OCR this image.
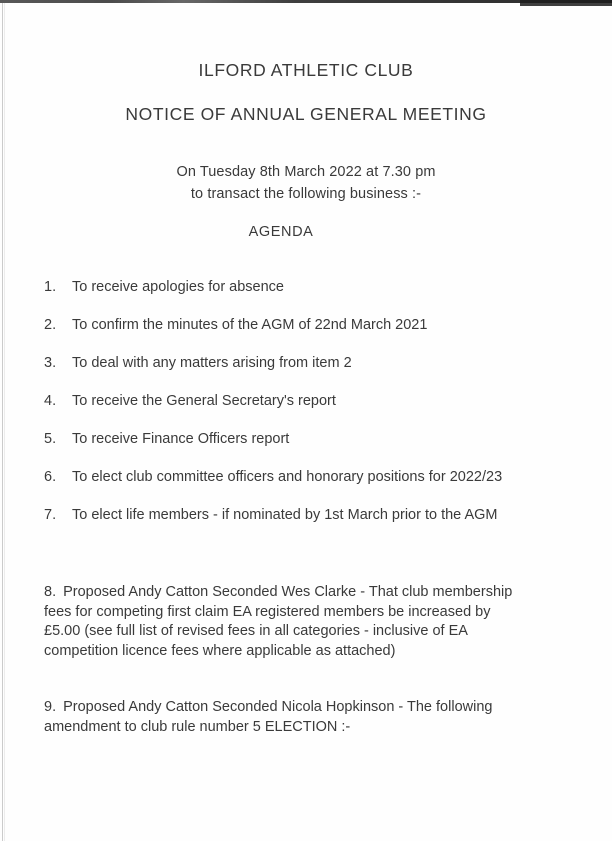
ILFORD ATHLETIC CLUB
NOTICE OF ANNUAL GENERAL MEETING
On Tuesday 8th March 2022 at 7.30 pm
to transact the following business :-
AGENDA
1. To receive apologies for absence
2. To confirm the minutes of the AGM of 22nd March 2021
3. To deal with any matters arising from item 2
4. To receive the General Secretary's report
5. To receive Finance Officers report
6. To elect club committee officers and honorary positions for 2022/23
7. To elect life members - if nominated by 1st March prior to the AGM
8. Proposed Andy Catton Seconded Wes Clarke - That club membership fees for competing first claim EA registered members be increased by £5.00 (see full list of revised fees in all categories - inclusive of EA competition licence fees where applicable as attached)
9. Proposed Andy Catton Seconded Nicola Hopkinson - The following amendment to club rule number 5 ELECTION :-
